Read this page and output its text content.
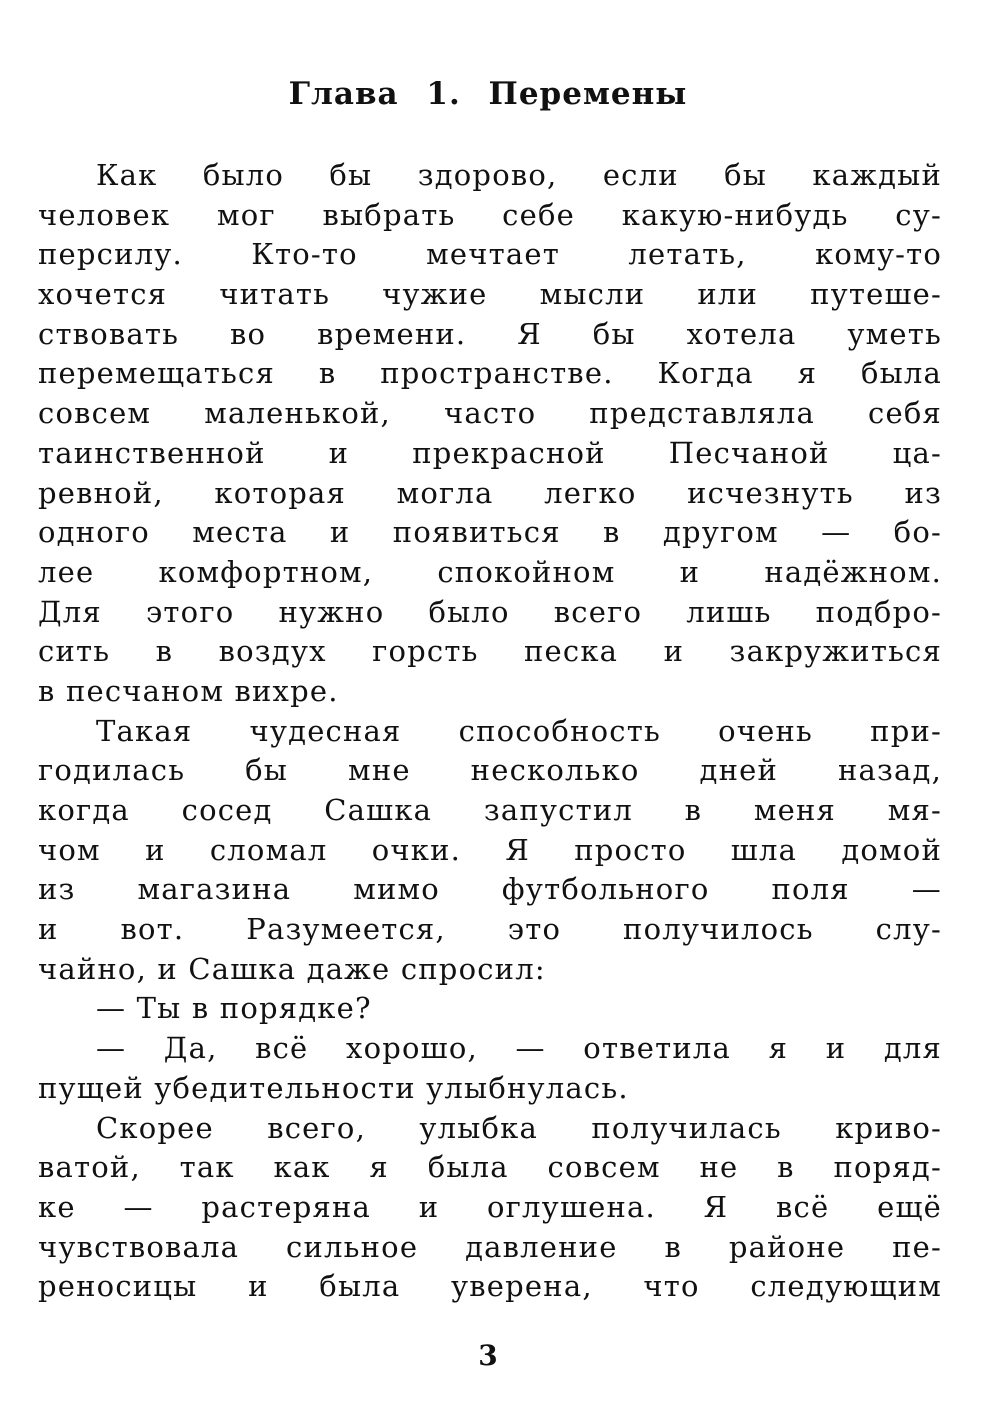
Глава 1. Перемены
Как было бы здорово, если бы каждый
человек мог выбрать себе какую-нибудь су-
персилу. Кто-то мечтает летать, кому-то
хочется читать чужие мысли или путеше-
ствовать во времени. Я бы хотела уметь
перемещаться в пространстве. Когда я была
совсем маленькой, часто представляла себя
таинственной и прекрасной Песчаной ца-
ревной, которая могла легко исчезнуть из
одного места и появиться в другом — бо-
лее комфортном, спокойном и надёжном.
Для этого нужно было всего лишь подбро-
сить в воздух горсть песка и закружиться
в песчаном вихре.
Такая чудесная способность очень при-
годилась бы мне несколько дней назад,
когда сосед Сашка запустил в меня мя-
чом и сломал очки. Я просто шла домой
из магазина мимо футбольного поля —
и вот. Разумеется, это получилось слу-
чайно, и Сашка даже спросил:
— Ты в порядке?
— Да, всё хорошо, — ответила я и для
пущей убедительности улыбнулась.
Скорее всего, улыбка получилась криво-
ватой, так как я была совсем не в поряд-
ке — растеряна и оглушена. Я всё ещё
чувствовала сильное давление в районе пе-
реносицы и была уверена, что следующим
3
